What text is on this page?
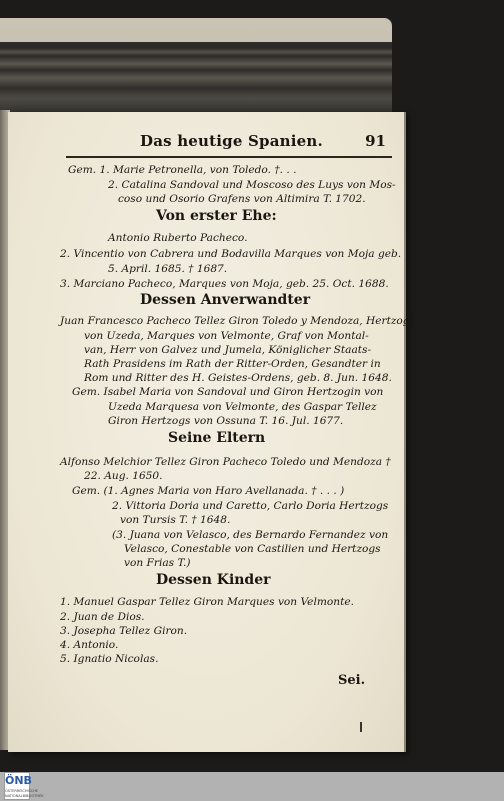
Das heutige Spanien.	91
Gem. 1. Marie Petronella, von Toledo. †. . .
2. Catalina Sandoval und Moscoso des Luys von Mos-
coso und Osorio Grafens von Altimira T. 1702.
Von erster Ehe:
Antonio Ruberto Pacheco.
2. Vincentio von Cabrera und Bodavilla Marques von Moja geb.
5. April. 1685. † 1687.
3. Marciano Pacheco, Marques von Moja, geb. 25. Oct. 1688.
Dessen Anverwandter
Juan Francesco Pacheco Tellez Giron Toledo y Mendoza, Hertzog
von Uzeda, Marques von Velmonte, Graf von Montal-
van, Herr von Galvez und Jumela, Königlicher Staats-
Rath Prasidens im Rath der Ritter-Orden, Gesandter in
Rom und Ritter des H. Geistes-Ordens, geb. 8. Jun. 1648.
Gem. Isabel Maria von Sandoval und Giron Hertzogin von
Uzeda Marquesa von Velmonte, des Gaspar Tellez
Giron Hertzogs von Ossuna T. 16. Jul. 1677.
Seine Eltern
Alfonso Melchior Tellez Giron Pacheco Toledo und Mendoza †
22. Aug. 1650.
Gem. (1. Agnes Maria von Haro Avellanada. † . . . )
2. Vittoria Doria und Caretto, Carlo Doria Hertzogs
von Tursis T. † 1648.
(3. Juana von Velasco, des Bernardo Fernandez von
Velasco, Conestable von Castilien und Hertzogs
von Frias T.)
Dessen Kinder
1. Manuel Gaspar Tellez Giron Marques von Velmonte.
2. Juan de Dios.
3. Josepha Tellez Giron.
4. Antonio.
5. Ignatio Nicolas.
Sei.
ÖNB
ÖSTERREICHISCHE
NATIONALBIBLIOTHEK
